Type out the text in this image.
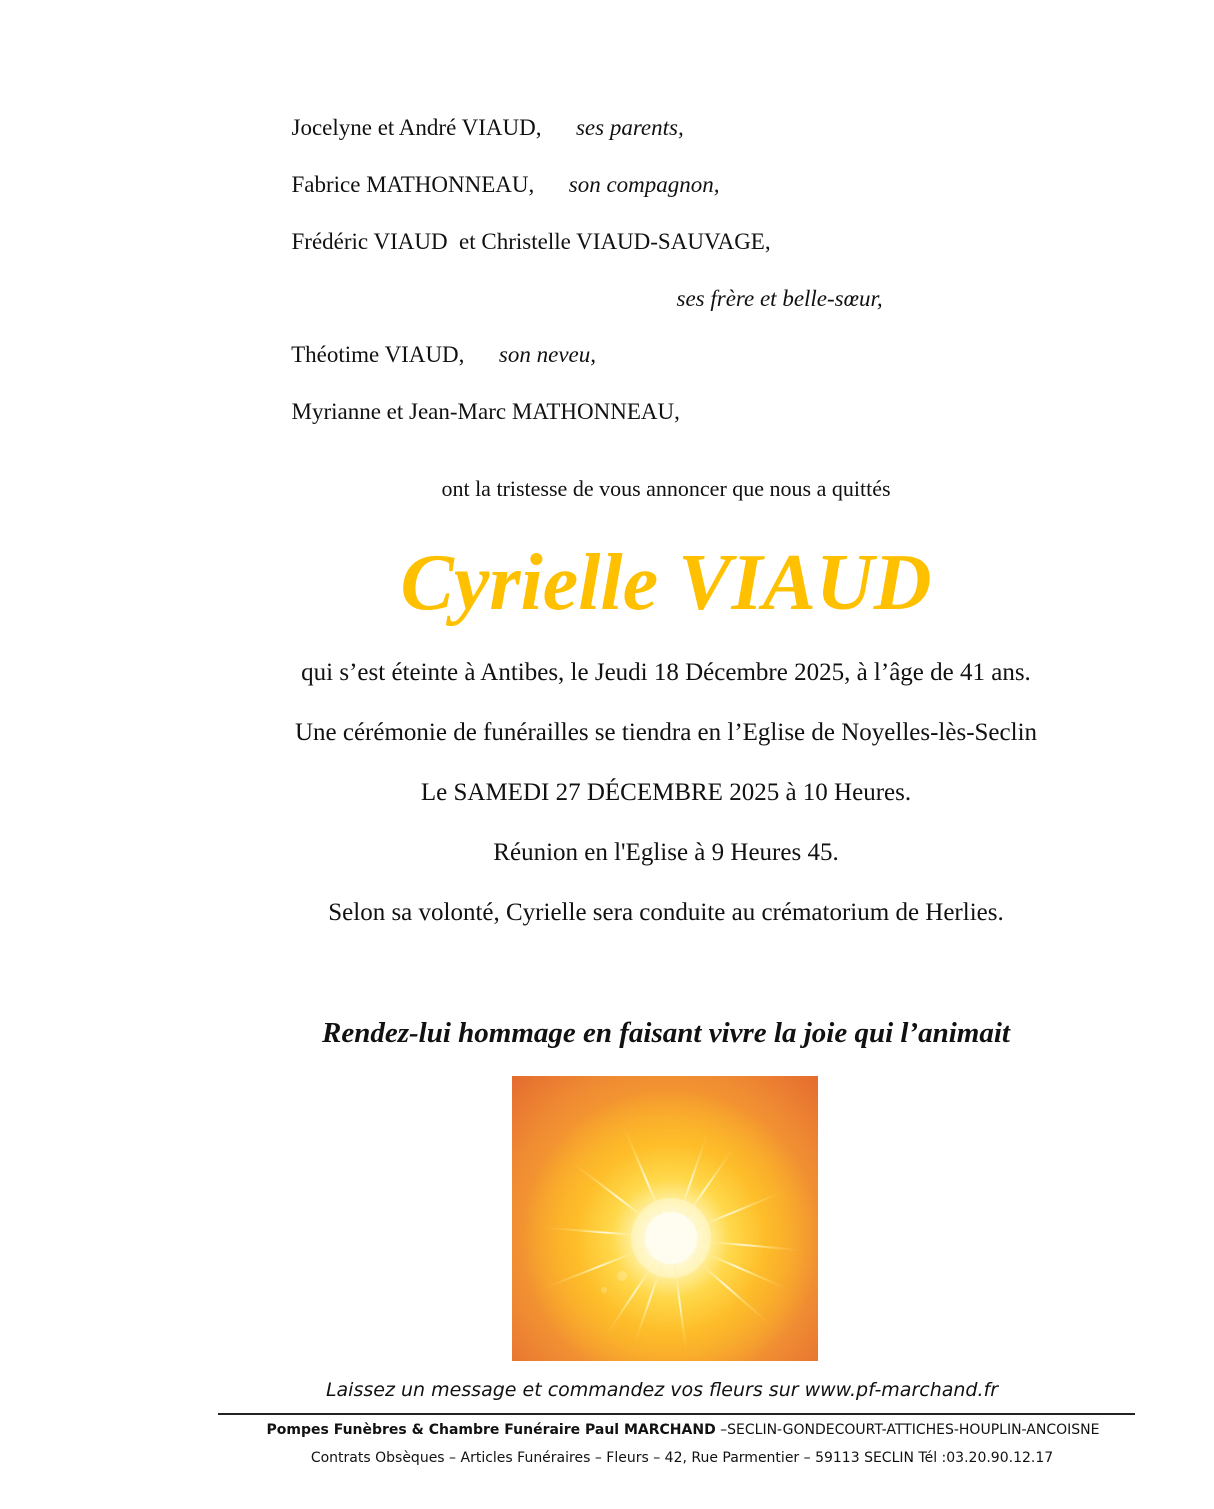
Jocelyne et André VIAUD, ses parents,

Fabrice MATHONNEAU, son compagnon,

Frédéric VIAUD  et Christelle VIAUD-SAUVAGE,

ses frère et belle-sœur,

Théotime VIAUD, son neveu,

Myrianne et Jean-Marc MATHONNEAU,

ont la tristesse de vous annoncer que nous a quittés
Cyrielle VIAUD
qui s’est éteinte à Antibes, le Jeudi 18 Décembre 2025, à l’âge de 41 ans.
Une cérémonie de funérailles se tiendra en l’Eglise de Noyelles-lès-Seclin
Le SAMEDI 27 DÉCEMBRE 2025 à 10 Heures.
Réunion en l'Eglise à 9 Heures 45.
Selon sa volonté, Cyrielle sera conduite au crématorium de Herlies.
Rendez-lui hommage en faisant vivre la joie qui l’animait
Laissez un message et commandez vos fleurs sur www.pf-marchand.fr
Pompes Funèbres & Chambre Funéraire Paul MARCHAND –SECLIN-GONDECOURT-ATTICHES-HOUPLIN-ANCOISNE
Contrats Obsèques – Articles Funéraires – Fleurs – 42, Rue Parmentier – 59113 SECLIN Tél :03.20.90.12.17
